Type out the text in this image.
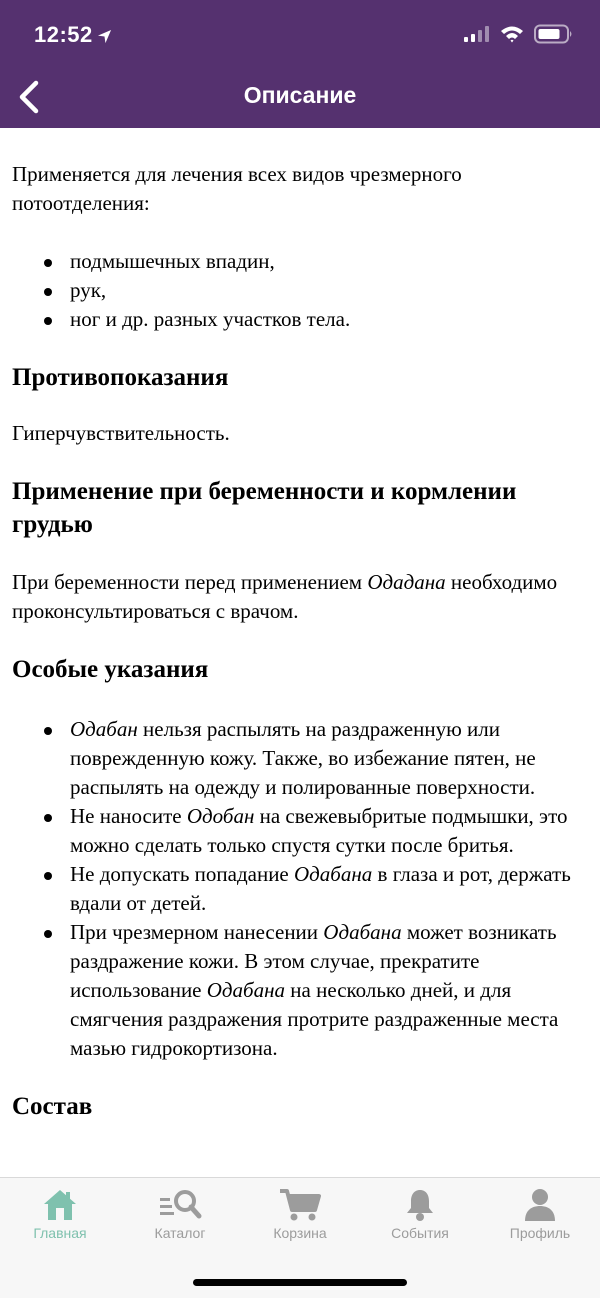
12:52
Описание

Применяется для лечения всех видов чрезмерного потоотделения:

подмышечных впадин,
рук,
ног и др. разных участков тела.
Противопоказания

Гиперчувствительность.

Применение при беременности и кормлении грудью

При беременности перед применением Одадана необходимо проконсультироваться с врачом.

Особые указания
Одабан нельзя распылять на раздраженную или поврежденную кожу. Также, во избежание пятен, не распылять на одежду и полированные поверхности.
Не наносите Одобан на свежевыбритые подмышки, это можно сделать только спустя сутки после бритья.
Не допускать попадание Одабана в глаза и рот, держать вдали от детей.
При чрезмерном нанесении Одабана может возникать раздражение кожи. В этом случае, прекратите использование Одабана на несколько дней, и для смягчения раздражения протрите раздраженные места мазью гидрокортизона.
Состав
Главная	Каталог	Корзина	События	Профиль
